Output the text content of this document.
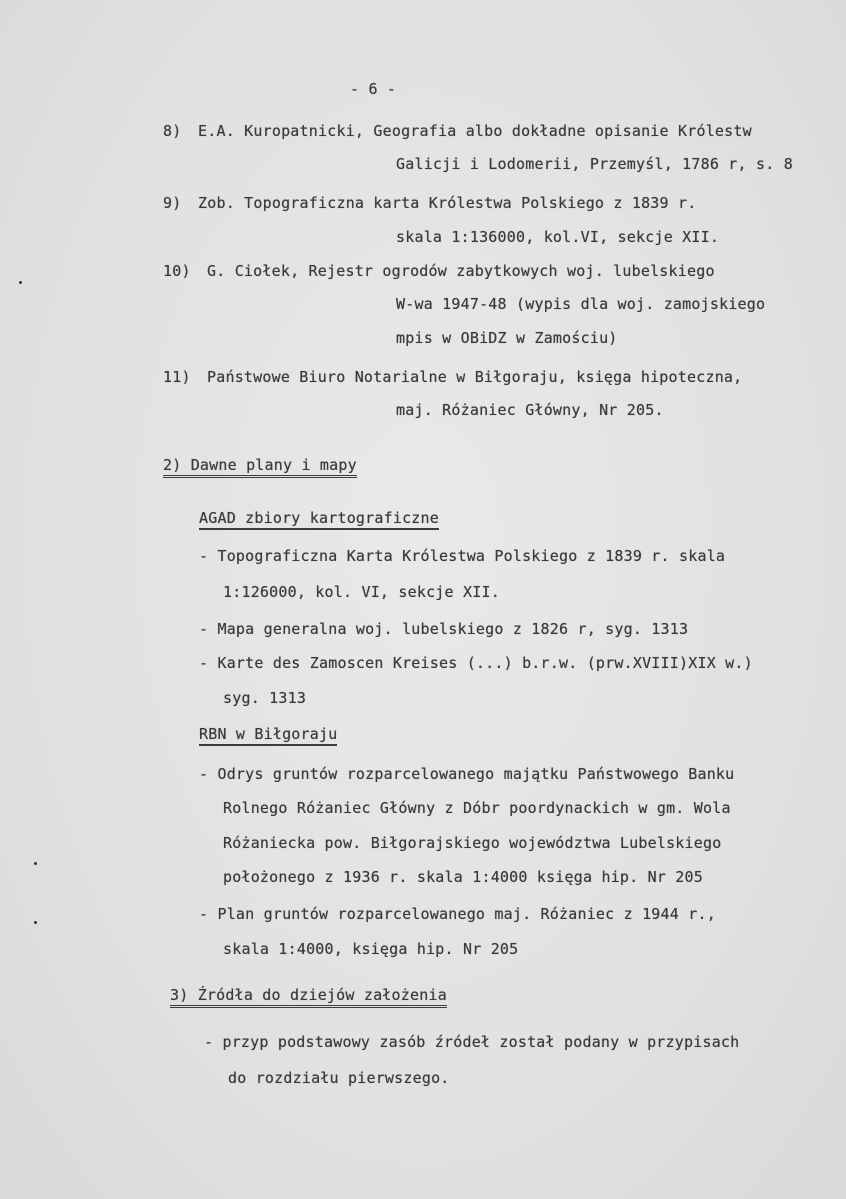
- 6 -
8) E.A. Kuropatnicki, Geografia albo dokładne opisanie Królestw
Galicji i Lodomerii, Przemyśl, 1786 r, s. 8
9) Zob. Topograficzna karta Królestwa Polskiego z 1839 r.
skala 1:136000, kol.VI, sekcje XII.
10) G. Ciołek, Rejestr ogrodów zabytkowych woj. lubelskiego
W-wa 1947-48 (wypis dla woj. zamojskiego
mpis w OBiDZ w Zamościu)
11) Państwowe Biuro Notarialne w Biłgoraju, księga hipoteczna,
maj. Różaniec Główny, Nr 205.
2) Dawne plany i mapy
AGAD zbiory kartograficzne
- Topograficzna Karta Królestwa Polskiego z 1839 r. skala
1:126000, kol. VI, sekcje XII.
- Mapa generalna woj. lubelskiego z 1826 r, syg. 1313
- Karte des Zamoscen Kreises (...) b.r.w. (prw.XVIII)XIX w.)
syg. 1313
RBN w Biłgoraju
- Odrys gruntów rozparcelowanego majątku Państwowego Banku
Rolnego Różaniec Główny z Dóbr poordynackich w gm. Wola
Różaniecka pow. Biłgorajskiego województwa Lubelskiego
położonego z 1936 r. skala 1:4000 księga hip. Nr 205
- Plan gruntów rozparcelowanego maj. Różaniec z 1944 r.,
skala 1:4000, księga hip. Nr 205
3) Źródła do dziejów założenia
- przyp podstawowy zasób źródeł został podany w przypisach
do rozdziału pierwszego.
